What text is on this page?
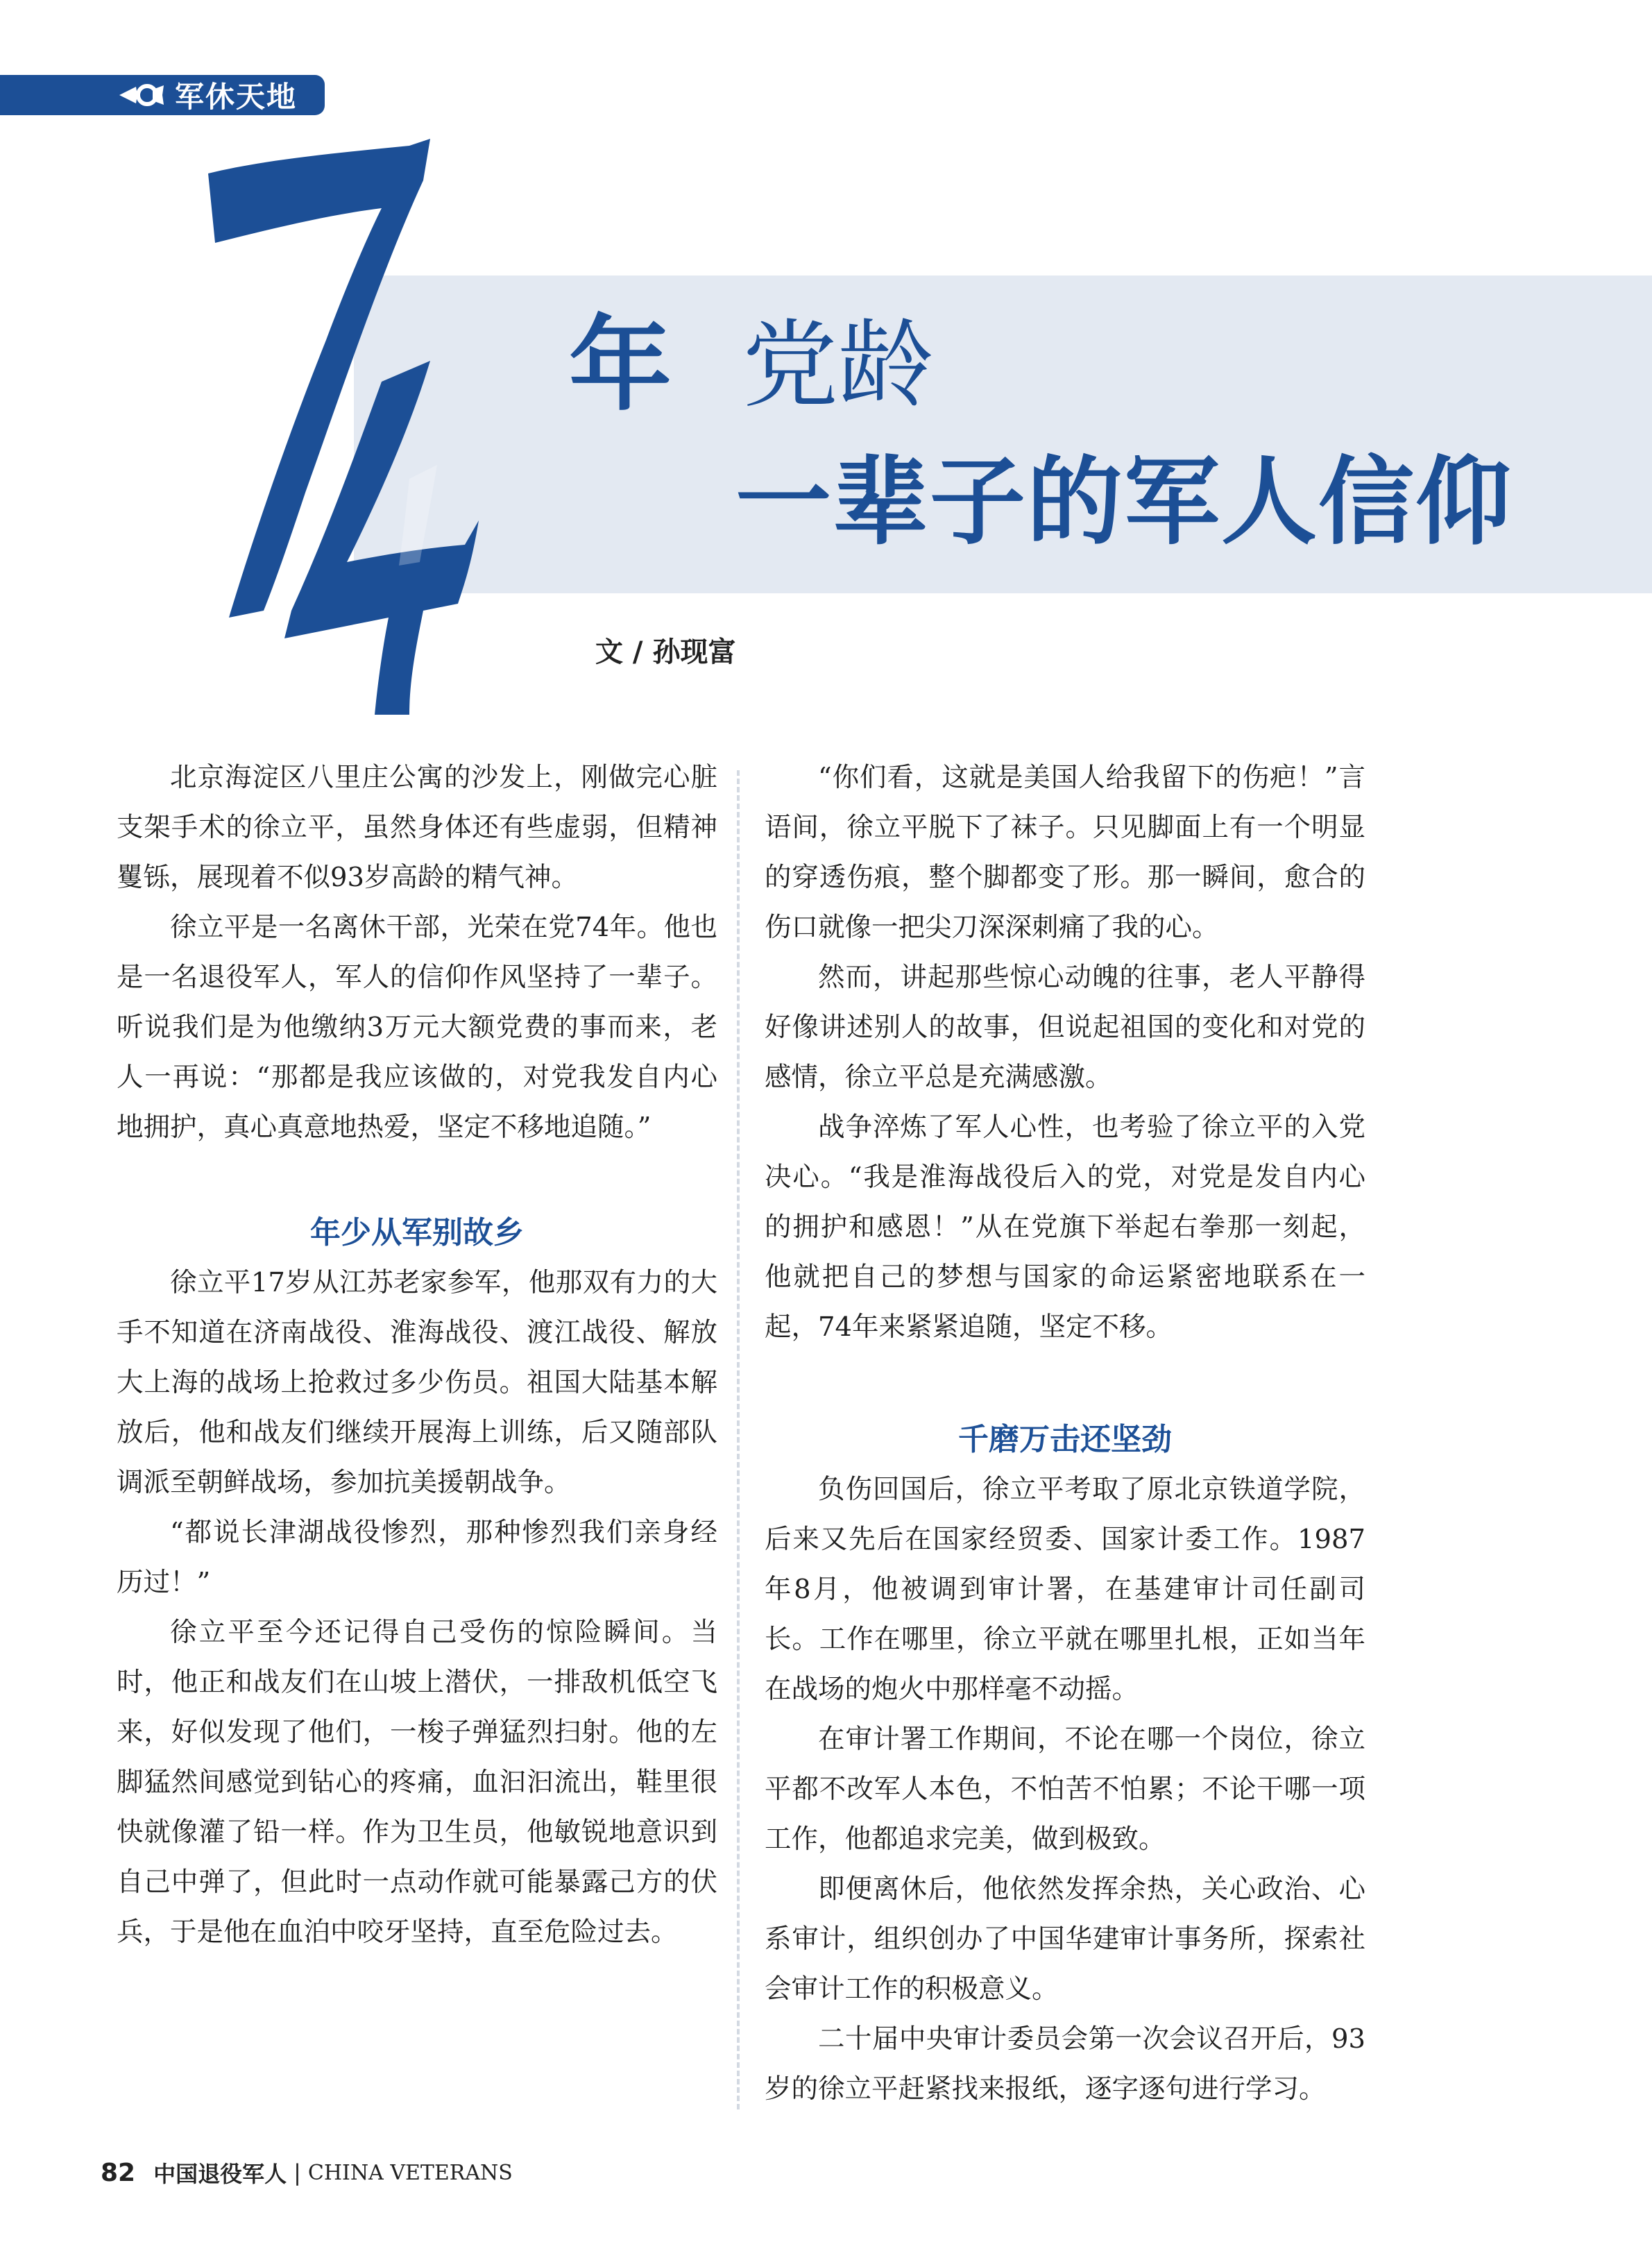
军休天地
74
年 党龄
一辈子的军人信仰
文 / 孙现富

北京海淀区八里庄公寓的沙发上，刚做完心脏支架手术的徐立平，虽然身体还有些虚弱，但精神矍铄，展现着不似93岁高龄的精气神。

徐立平是一名离休干部，光荣在党74年。他也是一名退役军人，军人的信仰作风坚持了一辈子。听说我们是为他缴纳3万元大额党费的事而来，老人一再说：“那都是我应该做的，对党我发自内心地拥护，真心真意地热爱，坚定不移地追随。”

年少从军别故乡

徐立平17岁从江苏老家参军，他那双有力的大手不知道在济南战役、淮海战役、渡江战役、解放大上海的战场上抢救过多少伤员。祖国大陆基本解放后，他和战友们继续开展海上训练，后又随部队调派至朝鲜战场，参加抗美援朝战争。

“都说长津湖战役惨烈，那种惨烈我们亲身经历过！”

徐立平至今还记得自己受伤的惊险瞬间。当时，他正和战友们在山坡上潜伏，一排敌机低空飞来，好似发现了他们，一梭子弹猛烈扫射。他的左脚猛然间感觉到钻心的疼痛，血汩汩流出，鞋里很快就像灌了铅一样。作为卫生员，他敏锐地意识到自己中弹了，但此时一点动作就可能暴露己方的伏兵，于是他在血泊中咬牙坚持，直至危险过去。

“你们看，这就是美国人给我留下的伤疤！”言语间，徐立平脱下了袜子。只见脚面上有一个明显的穿透伤痕，整个脚都变了形。那一瞬间，愈合的伤口就像一把尖刀深深刺痛了我的心。

然而，讲起那些惊心动魄的往事，老人平静得好像讲述别人的故事，但说起祖国的变化和对党的感情，徐立平总是充满感激。

战争淬炼了军人心性，也考验了徐立平的入党决心。“我是淮海战役后入的党，对党是发自内心的拥护和感恩！”从在党旗下举起右拳那一刻起，他就把自己的梦想与国家的命运紧密地联系在一起，74年来紧紧追随，坚定不移。

千磨万击还坚劲

负伤回国后，徐立平考取了原北京铁道学院，后来又先后在国家经贸委、国家计委工作。1987年8月，他被调到审计署，在基建审计司任副司长。工作在哪里，徐立平就在哪里扎根，正如当年在战场的炮火中那样毫不动摇。

在审计署工作期间，不论在哪一个岗位，徐立平都不改军人本色，不怕苦不怕累；不论干哪一项工作，他都追求完美，做到极致。

即便离休后，他依然发挥余热，关心政治、心系审计，组织创办了中国华建审计事务所，探索社会审计工作的积极意义。

二十届中央审计委员会第一次会议召开后，93岁的徐立平赶紧找来报纸，逐字逐句进行学习。

82 中国退役军人 | CHINA VETERANS
